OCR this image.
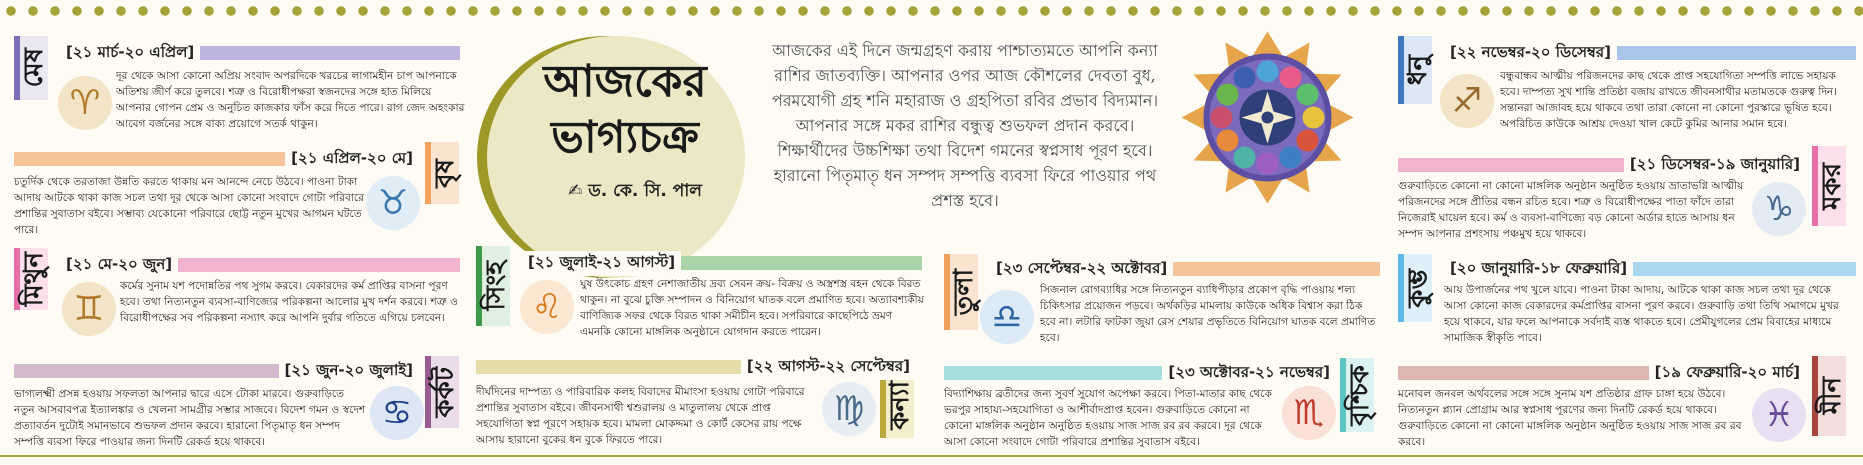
আজকের
ভাগ্যচক্র
✍ ড. কে. সি. পাল
আজকের এই দিনে জন্মগ্রহণ করায় পাশ্চাত্যমতে আপনি কন্যা রাশির জাতব্যক্তি। আপনার ওপর আজ কৌশলের দেবতা বুধ, পরমযোগী গ্রহ শনি মহারাজ ও গ্রহপিতা রবির প্রভাব বিদ্যমান। আপনার সঙ্গে মকর রাশির বন্ধুত্ব শুভফল প্রদান করবে। শিক্ষার্থীদের উচ্চশিক্ষা তথা বিদেশ গমনের স্বপ্নসাধ পূরণ হবে। হারানো পিতৃমাতৃ ধন সম্পদ সম্পত্তি ব্যবসা ফিরে পাওয়ার পথ প্রশস্ত হবে।
মেষ	[২১ মার্চ-২০ এপ্রিল]
♈
দূর থেকে আসা কোনো অপ্রিয় সংবাদ অপরদিকে খরচের লাগামহীন চাপ আপনাকে অতিশয় জীর্ণ করে তুলবে। শত্রু ও বিরোধীপক্ষরা স্বজনদের সঙ্গে হাত মিলিয়ে আপনার গোপন প্রেম ও অনুচিত কাজকার ফাঁস করে দিতে পারে। রাগ জেদ অহংকার আবেগ বর্জনের সঙ্গে বাক্য প্রয়োগে সতর্ক থাকুন।
বৃষ
[২১ এপ্রিল-২০ মে]
♉
চতুর্দিক থেকে তরতাজা উন্নতি করতে থাকায় মন আনন্দে নেচে উঠবে। পাওনা টাকা আদায় আটকে থাকা কাজ সচল তথা দূর থেকে আসা কোনো সংবাদে গোটা পরিবারে প্রশান্তির সুবাতাস বইবে। সম্ভাব্য যেকোনো পরিবারে ছোট্ট নতুন মুখের আগমন ঘটতে পারে।
মিথুন	[২১ মে-২০ জুন]
♊
কর্মের সুনাম যশ পদোন্নতির পথ সুগম করবে। বেকারদের কর্ম প্রাপ্তির বাসনা পূরণ হবে। তথা নিত্যনতুন ব্যবসা-বাণিজ্যের পরিকল্পনা আলোর মুখ দর্শন করবে। শত্রু ও বিরোধীপক্ষের সব পরিকল্পনা নস্যাৎ করে আপনি দুর্বার গতিতে এগিয়ে চলবেন।
কর্কট
[২১ জুন-২০ জুলাই]
♋
ভাগ্যলক্ষ্মী প্রসন্ন হওয়ায় সফলতা আপনার দ্বারে এসে টোকা মারবে। গুরুবাড়িতে নতুন আসবাবপত্র ইত্যালঙ্কার ও খেলনা সামগ্রীর সম্ভার সাজবে। বিদেশ গমন ও স্বদেশ প্রত্যাবর্তন দুটোই সমানভাবে শুভফল প্রদান করবে। হারানো পিতৃমাতৃ ধন সম্পদ সম্পত্তি ব্যবসা ফিরে পাওয়ার জন্য দিনটি রেকর্ড হয়ে থাকবে।
সিংহ	[২১ জুলাই-২১ আগস্ট]
♌
ঘুষ উৎকোচ গ্রহণ নেশাজাতীয় দ্রব্য সেবন ক্রয়- বিক্রয় ও অস্ত্রশস্ত্র বহন থেকে বিরত থাকুন। না বুঝে চুক্তি সম্পাদন ও বিনিয়োগ ঘাতক বলে প্রমাণিত হবে। অত্যাবশ্যকীয় বাণিজ্যিক সফর থেকে বিরত থাকা সমীচীন হবে। সপরিবারে কাছেপিঠে ভ্রমণ এমনকি কোনো মাঙ্গলিক অনুষ্ঠানে যোগদান করতে পারেন।
কন্যা
[২২ আগস্ট-২২ সেপ্টেম্বর]
♍
দীর্ঘদিনের দাম্পত্য ও পারিবারিক কলহ বিবাদের মীমাংসা হওয়ায় গোটা পরিবারে প্রশান্তির সুবাতাস বইবে। জীবনসাথী শ্বশুরালয় ও মাতুলালয় থেকে প্রাপ্ত সহযোগিতা স্বপ্ন পূরণে সহায়ক হবে। মামলা মোকদ্দমা ও কোর্ট কেসের রায় পক্ষে আসায় হারানো বুকের ধন বুকে ফিরতে পারে।
তুলা
[২৩ সেপ্টেম্বর-২২ অক্টোবর]
♎
সিজনাল রোগব্যাধির সঙ্গে নিত্যনতুন ব্যাধিপীড়ার প্রকোপ বৃদ্ধি পাওয়ায় শল্য চিকিৎসার প্রয়োজন পড়বে। অর্থকড়ির মামলায় কাউকে অধিক বিশ্বাস করা ঠিক হবে না। লটারি ফাটকা জুয়া রেস শেয়ার প্রভৃতিতে বিনিয়োগ ঘাতক বলে প্রমাণিত হবে।
বৃশ্চিক
[২৩ অক্টোবর-২১ নভেম্বর]
♏
বিদ্যাশিক্ষায় ব্রতীদের জন্য সুবর্ণ সুযোগ অপেক্ষা করবে। পিতা-মাতার কাছ থেকে ভরপুর সাহায্য-সহযোগিতা ও আশীর্বাদপ্রাপ্ত হবেন। গুরুবাড়িতে কোনো না কোনো মাঙ্গলিক অনুষ্ঠান অনুষ্ঠিত হওয়ায় সাজ সাজ রব রব করবে। দূর থেকে আসা কোনো সংবাদে গোটা পরিবারে প্রশান্তির সুবাতাস বইবে।
ধনু
[২২ নভেম্বর-২০ ডিসেম্বর]
♐
বন্ধুবান্ধব আত্মীয় পরিজনদের কাছ থেকে প্রাপ্ত সহযোগিতা সম্পত্তি লাভে সহায়ক হবে। দাম্পত্য সুখ শান্তি প্রতিষ্ঠা বজায় রাখতে জীবনসাথীর মতামতকে গুরুত্ব দিন। সন্তানরা আজাবহ হয়ে থাকবে তথা তারা কোনো না কোনো পুরস্কারে ভূষিত হবে। অপরিচিত কাউকে আশ্রয় দেওয়া খাল কেটে কুমির আনার সমান হবে।
মকর
[২১ ডিসেম্বর-১৯ জানুয়ারি]
♑
গুরুবাড়িতে কোনো না কোনো মাঙ্গলিক অনুষ্ঠান অনুষ্ঠিত হওয়ায় ভ্রাতাভগ্নি আত্মীয় পরিজনদের সঙ্গে প্রীতির বন্ধন রচিত হবে। শত্রু ও বিরোধীপক্ষের পাতা ফাঁদে তারা নিজেরাই ঘায়েল হবে। কর্ম ও ব্যবসা-বাণিজ্যে বড় কোনো অর্ডার হাতে আসায় ধন সম্পদ আপনার প্রশংসায় পঞ্চমুখ হয়ে থাকবে।
কুম্ভ
[২০ জানুয়ারি-১৮ ফেব্রুয়ারি]
আয় উপার্জনের পথ খুলে যাবে। পাওনা টাকা আদায়, আটকে থাকা কাজ সচল তথা দূর থেকে আসা কোনো কাজ বেকারদের কর্মপ্রাপ্তির বাসনা পূরণ করবে। গুরুবাড়ি তথা তিথি সমাগমে মুখর হয়ে থাকবে, যার ফলে আপনাকে সর্বদাই ব্যস্ত থাকতে হবে। প্রেমীযুগলের প্রেম বিবাহের মাধ্যমে সামাজিক স্বীকৃতি পাবে।
মীন
[১৯ ফেব্রুয়ারি-২০ মার্চ]
♓
মনোবল জনবল অর্থবলের সঙ্গে সঙ্গে সুনাম যশ প্রতিষ্ঠার গ্রাফ চাঙ্গা হয়ে উঠবে। নিত্যনতুন প্ল্যান প্রোগ্রাম আর স্বপ্নসাধ পূরণের জন্য দিনটি রেকর্ড হয়ে থাকবে। গুরুবাড়িতে কোনো না কোনো মাঙ্গলিক অনুষ্ঠান অনুষ্ঠিত হওয়ায় সাজ সাজ রব রব করবে।
